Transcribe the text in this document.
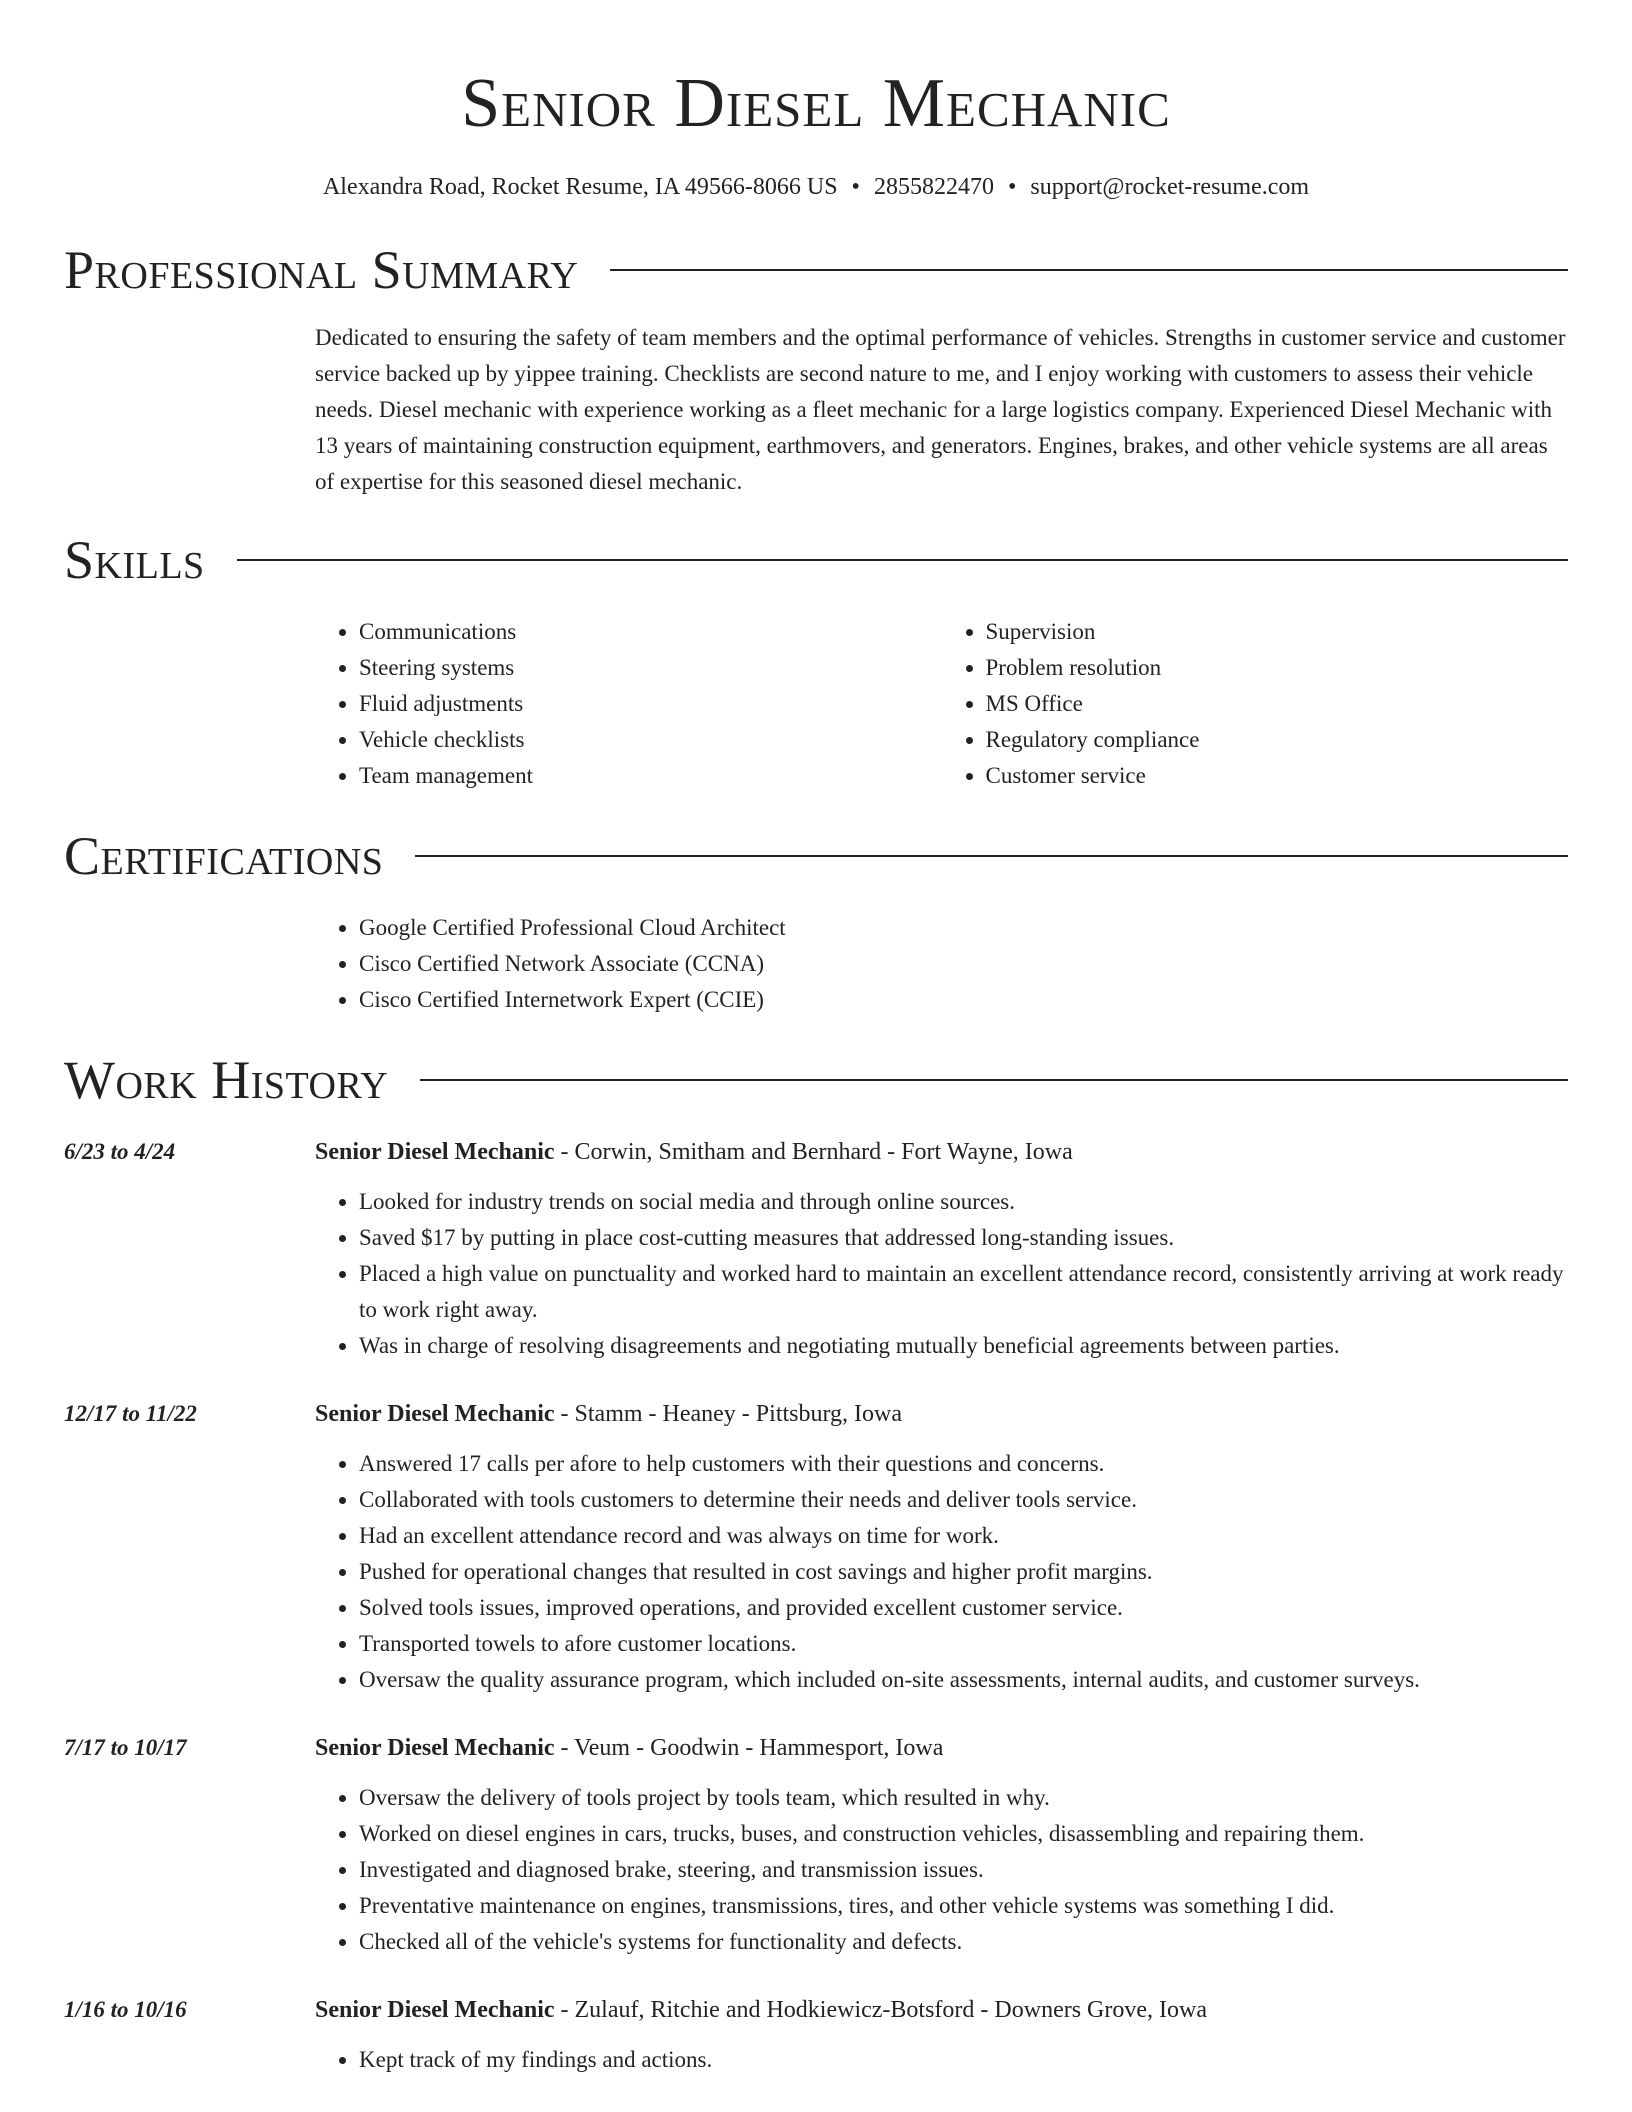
Senior Diesel Mechanic
Alexandra Road, Rocket Resume, IA 49566-8066 US • 2855822470 • support@rocket-resume.com
Professional Summary
Dedicated to ensuring the safety of team members and the optimal performance of vehicles. Strengths in customer service and customer service backed up by yippee training. Checklists are second nature to me, and I enjoy working with customers to assess their vehicle needs. Diesel mechanic with experience working as a fleet mechanic for a large logistics company. Experienced Diesel Mechanic with 13 years of maintaining construction equipment, earthmovers, and generators. Engines, brakes, and other vehicle systems are all areas of expertise for this seasoned diesel mechanic.
Skills
• Communications
• Steering systems
• Fluid adjustments
• Vehicle checklists
• Team management
• Supervision
• Problem resolution
• MS Office
• Regulatory compliance
• Customer service
Certifications
• Google Certified Professional Cloud Architect
• Cisco Certified Network Associate (CCNA)
• Cisco Certified Internetwork Expert (CCIE)
Work History
6/23 to 4/24	Senior Diesel Mechanic - Corwin, Smitham and Bernhard - Fort Wayne, Iowa
• Looked for industry trends on social media and through online sources.
• Saved $17 by putting in place cost-cutting measures that addressed long-standing issues.
• Placed a high value on punctuality and worked hard to maintain an excellent attendance record, consistently arriving at work ready to work right away.
• Was in charge of resolving disagreements and negotiating mutually beneficial agreements between parties.
12/17 to 11/22	Senior Diesel Mechanic - Stamm - Heaney - Pittsburg, Iowa
• Answered 17 calls per afore to help customers with their questions and concerns.
• Collaborated with tools customers to determine their needs and deliver tools service.
• Had an excellent attendance record and was always on time for work.
• Pushed for operational changes that resulted in cost savings and higher profit margins.
• Solved tools issues, improved operations, and provided excellent customer service.
• Transported towels to afore customer locations.
• Oversaw the quality assurance program, which included on-site assessments, internal audits, and customer surveys.
7/17 to 10/17	Senior Diesel Mechanic - Veum - Goodwin - Hammesport, Iowa
• Oversaw the delivery of tools project by tools team, which resulted in why.
• Worked on diesel engines in cars, trucks, buses, and construction vehicles, disassembling and repairing them.
• Investigated and diagnosed brake, steering, and transmission issues.
• Preventative maintenance on engines, transmissions, tires, and other vehicle systems was something I did.
• Checked all of the vehicle's systems for functionality and defects.
1/16 to 10/16	Senior Diesel Mechanic - Zulauf, Ritchie and Hodkiewicz-Botsford - Downers Grove, Iowa
• Kept track of my findings and actions.
